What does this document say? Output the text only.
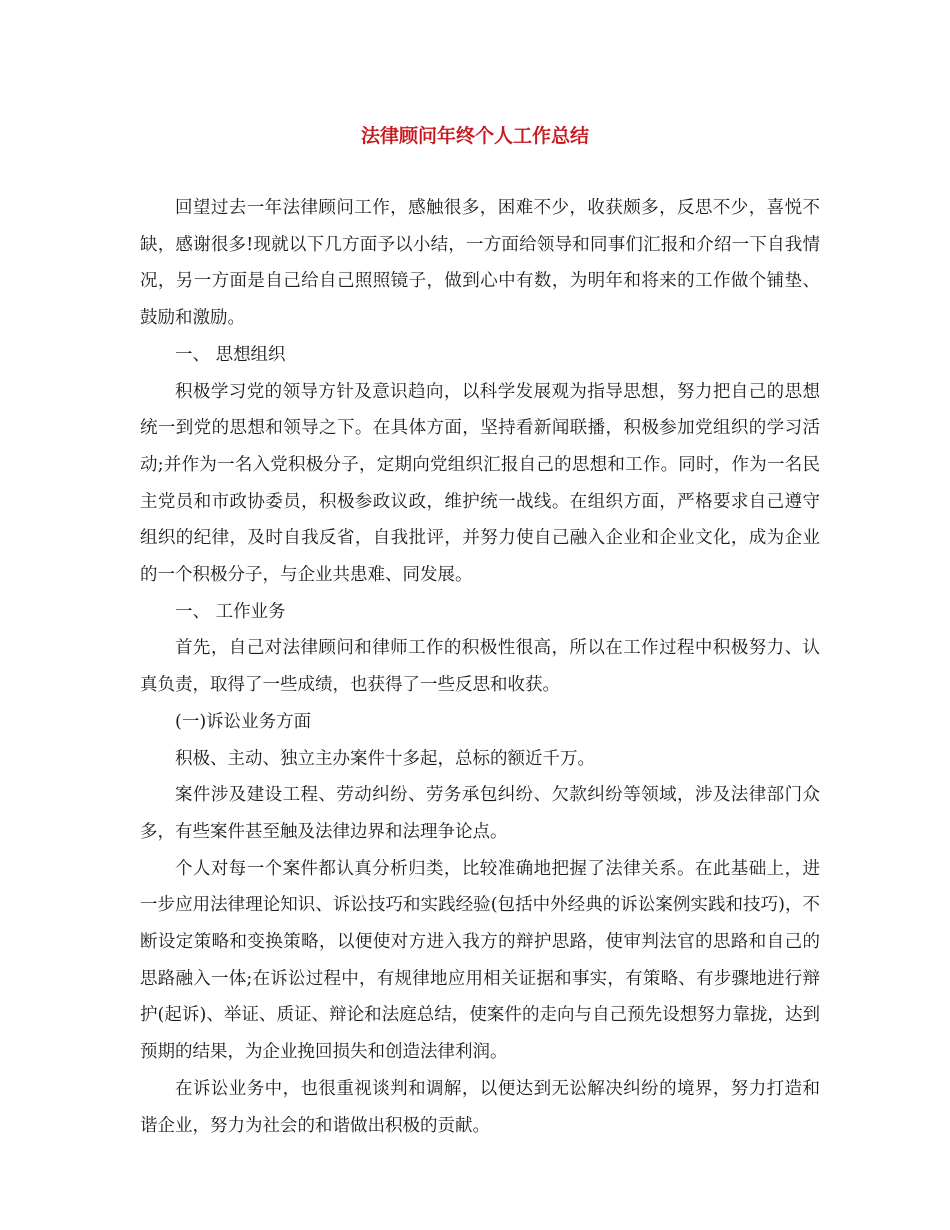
法律顾问年终个人工作总结

回望过去一年法律顾问工作，感触很多，困难不少，收获颇多，反思不少，喜悦不缺，感谢很多!现就以下几方面予以小结，一方面给领导和同事们汇报和介绍一下自我情况，另一方面是自己给自己照照镜子，做到心中有数，为明年和将来的工作做个铺垫、鼓励和激励。

一、 思想组织

积极学习党的领导方针及意识趋向，以科学发展观为指导思想，努力把自己的思想统一到党的思想和领导之下。在具体方面，坚持看新闻联播，积极参加党组织的学习活动;并作为一名入党积极分子，定期向党组织汇报自己的思想和工作。同时，作为一名民主党员和市政协委员，积极参政议政，维护统一战线。在组织方面，严格要求自己遵守组织的纪律，及时自我反省，自我批评，并努力使自己融入企业和企业文化，成为企业的一个积极分子，与企业共患难、同发展。

一、 工作业务

首先，自己对法律顾问和律师工作的积极性很高，所以在工作过程中积极努力、认真负责，取得了一些成绩，也获得了一些反思和收获。

(一)诉讼业务方面

积极、主动、独立主办案件十多起，总标的额近千万。

案件涉及建设工程、劳动纠纷、劳务承包纠纷、欠款纠纷等领域，涉及法律部门众多，有些案件甚至触及法律边界和法理争论点。

个人对每一个案件都认真分析归类，比较准确地把握了法律关系。在此基础上，进一步应用法律理论知识、诉讼技巧和实践经验(包括中外经典的诉讼案例实践和技巧)，不断设定策略和变换策略，以便使对方进入我方的辩护思路，使审判法官的思路和自己的思路融入一体;在诉讼过程中，有规律地应用相关证据和事实，有策略、有步骤地进行辩护(起诉)、举证、质证、辩论和法庭总结，使案件的走向与自己预先设想努力靠拢，达到预期的结果，为企业挽回损失和创造法律利润。

在诉讼业务中，也很重视谈判和调解，以便达到无讼解决纠纷的境界，努力打造和谐企业，努力为社会的和谐做出积极的贡献。
